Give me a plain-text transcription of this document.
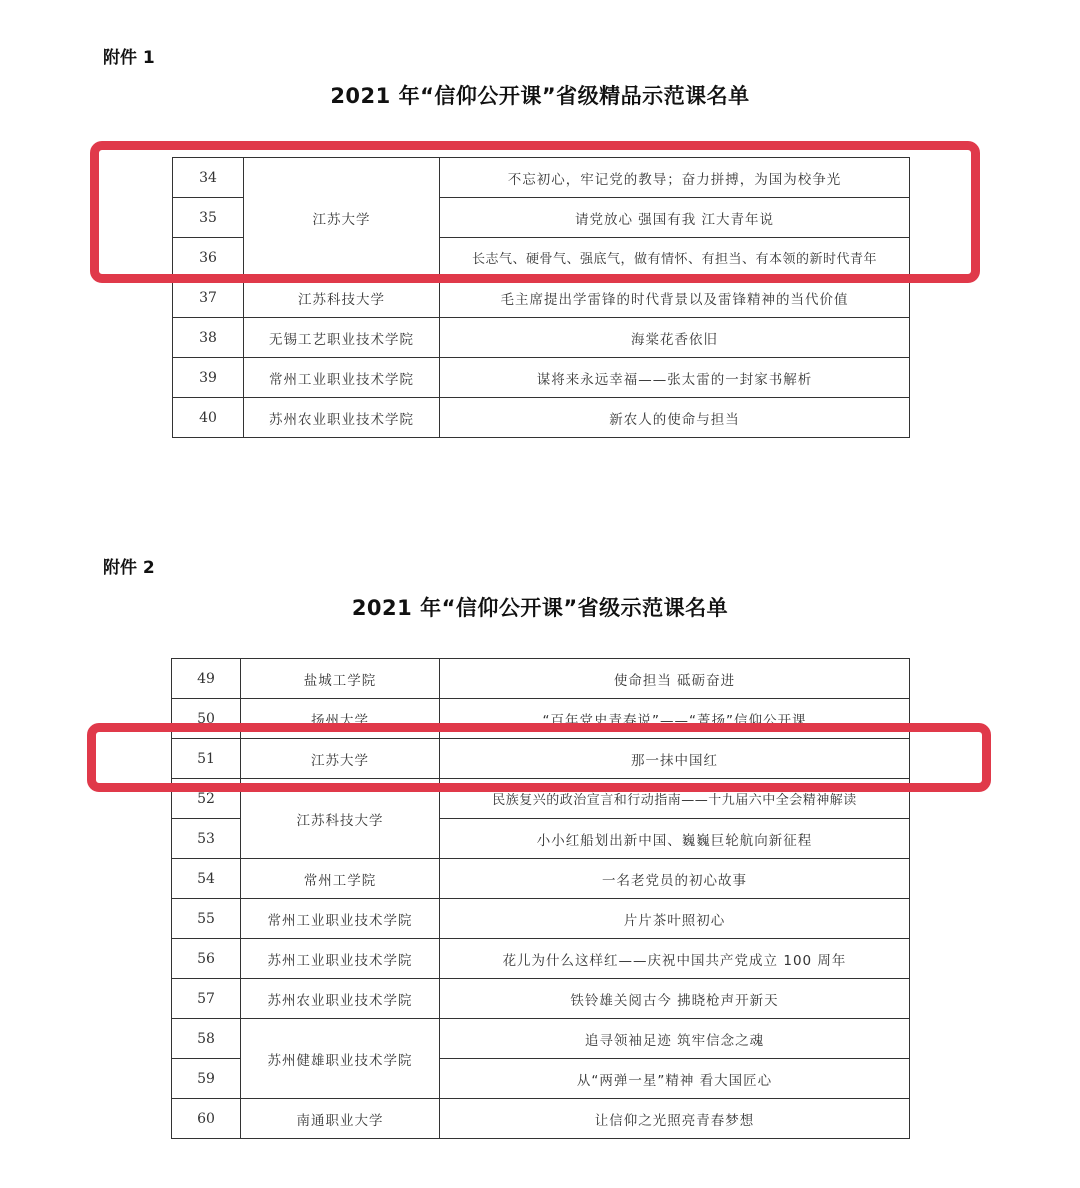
附件 1
2021 年“信仰公开课”省级精品示范课名单
34	江苏大学	不忘初心，牢记党的教导；奋力拼搏，为国为校争光
35		请党放心 强国有我 江大青年说
36		长志气、硬骨气、强底气，做有情怀、有担当、有本领的新时代青年
37	江苏科技大学	毛主席提出学雷锋的时代背景以及雷锋精神的当代价值
38	无锡工艺职业技术学院	海棠花香依旧
39	常州工业职业技术学院	谋将来永远幸福——张太雷的一封家书解析
40	苏州农业职业技术学院	新农人的使命与担当
附件 2
2021 年“信仰公开课”省级示范课名单
49	盐城工学院	使命担当 砥砺奋进
50	扬州大学	“百年党史青春说”——“菁扬”信仰公开课
51	江苏大学	那一抹中国红
52	江苏科技大学	民族复兴的政治宣言和行动指南——十九届六中全会精神解读
53		小小红船划出新中国、巍巍巨轮航向新征程
54	常州工学院	一名老党员的初心故事
55	常州工业职业技术学院	片片茶叶照初心
56	苏州工业职业技术学院	花儿为什么这样红——庆祝中国共产党成立 100 周年
57	苏州农业职业技术学院	铁铃雄关阅古今 拂晓枪声开新天
58	苏州健雄职业技术学院	追寻领袖足迹 筑牢信念之魂
59		从“两弹一星”精神 看大国匠心
60	南通职业大学	让信仰之光照亮青春梦想
